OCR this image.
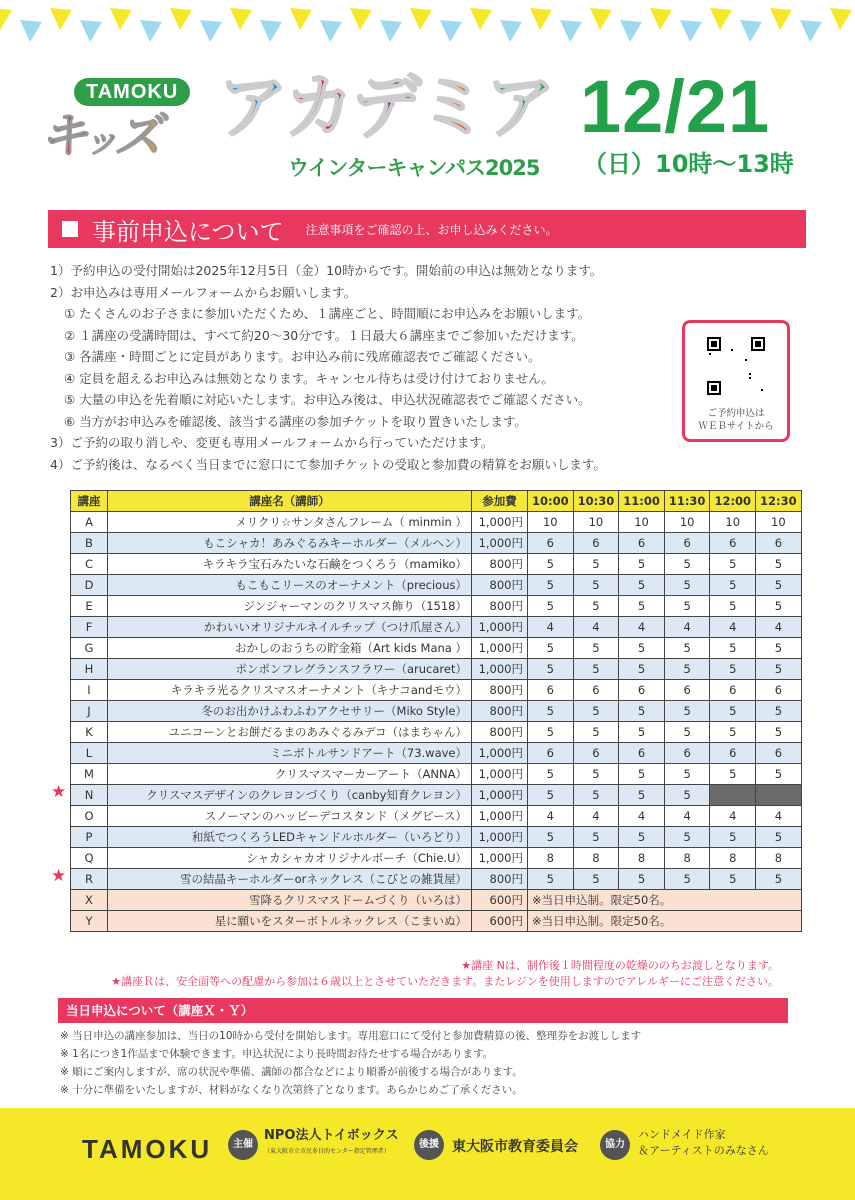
TAMOKU
キッズ アカデミア
ウインターキャンパス2025
12/21
（日）10時〜13時
事前申込について 注意事項をご確認の上、お申し込みください。
1）予約申込の受付開始は2025年12月5日（金）10時からです。開始前の申込は無効となります。
2）お申込みは専用メールフォームからお願いします。
① たくさんのお子さまに参加いただくため、１講座ごと、時間順にお申込みをお願いします。
② １講座の受講時間は、すべて約20〜30分です。１日最大６講座までご参加いただけます。
③ 各講座・時間ごとに定員があります。お申込み前に残席確認表でご確認ください。
④ 定員を超えるお申込みは無効となります。キャンセル待ちは受け付けておりません。
⑤ 大量の申込を先着順に対応いたします。お申込み後は、申込状況確認表でご確認ください。
⑥ 当方がお申込みを確認後、該当する講座の参加チケットを取り置きいたします。
3）ご予約の取り消しや、変更も専用メールフォームから行っていただけます。
4）ご予約後は、なるべく当日までに窓口にて参加チケットの受取と参加費の精算をお願いします。
ご予約申込は
ＷＥＢサイトから
講座	講座名（講師）	参加費	10:00	10:30	11:00	11:30	12:00	12:30
A	メリクリ☆サンタさんフレーム（ minmin ）	1,000円	10	10	10	10	10	10
B	もこシャカ！あみぐるみキーホルダー（メルヘン）	1,000円	6	6	6	6	6	6
C	キラキラ宝石みたいな石鹸をつくろう（mamiko）	800円	5	5	5	5	5	5
D	もこもこリースのオーナメント（precious）	800円	5	5	5	5	5	5
E	ジンジャーマンのクリスマス飾り（1518）	800円	5	5	5	5	5	5
F	かわいいオリジナルネイルチップ（つけ爪屋さん）	1,000円	4	4	4	4	4	4
G	おかしのおうちの貯金箱（Art kids Mana ）	1,000円	5	5	5	5	5	5
H	ポンポンフレグランスフラワー（arucaret）	1,000円	5	5	5	5	5	5
I	キラキラ光るクリスマスオーナメント（キナコandモウ）	800円	6	6	6	6	6	6
J	冬のお出かけふわふわアクセサリー（Miko Style）	800円	5	5	5	5	5	5
K	ユニコーンとお餅だるまのあみぐるみデコ（はまちゃん）	800円	5	5	5	5	5	5
L	ミニボトルサンドアート（73.wave）	1,000円	6	6	6	6	6	6
M	クリスマスマーカーアート（ANNA）	1,000円	5	5	5	5	5	5

★ N	クリスマスデザインのクレヨンづくり（canby知育クレヨン）	1,000円	5	5	5	5		
O	スノーマンのハッピーデコスタンド（メグピース）	1,000円	4	4	4	4	4	4
P	和紙でつくろうLEDキャンドルホルダー（いろどり）	1,000円	5	5	5	5	5	5
Q	シャカシャカオリジナルポーチ（Chie.U）	1,000円	8	8	8	8	8	8

★ R	雪の結晶キーホルダーorネックレス（こびとの雑貨屋）	800円	5	5	5	5	5	5
X	雪降るクリスマスドームづくり（いろは）	600円	※当日申込制。限定50名。					
Y	星に願いをスターボトルネックレス（こまいぬ）	600円	※当日申込制。限定50名。					
★講座 Nは、制作後１時間程度の乾燥ののちお渡しとなります。
★講座Ｒは、安全面等への配慮から参加は６歳以上とさせていただきます。またレジンを使用しますのでアレルギーにご注意ください。
当日申込について（講座Ｘ・Ｙ）
※ 当日申込の講座参加は、当日の10時から受付を開始します。専用窓口にて受付と参加費精算の後、整理券をお渡しします
※ 1名につき1作品まで体験できます。申込状況により長時間お待たせする場合があります。
※ 順にご案内しますが、席の状況や準備、講師の都合などにより順番が前後する場合があります。
※ 十分に準備をいたしますが、材料がなくなり次第終了となります。あらかじめご了承ください。
TAMOKU	主催
NPO法人トイボックス
（東大阪市立市民多目的センター指定管理者）
後援 東大阪市教育委員会	協力
ハンドメイド作家
＆アーティストのみなさん
